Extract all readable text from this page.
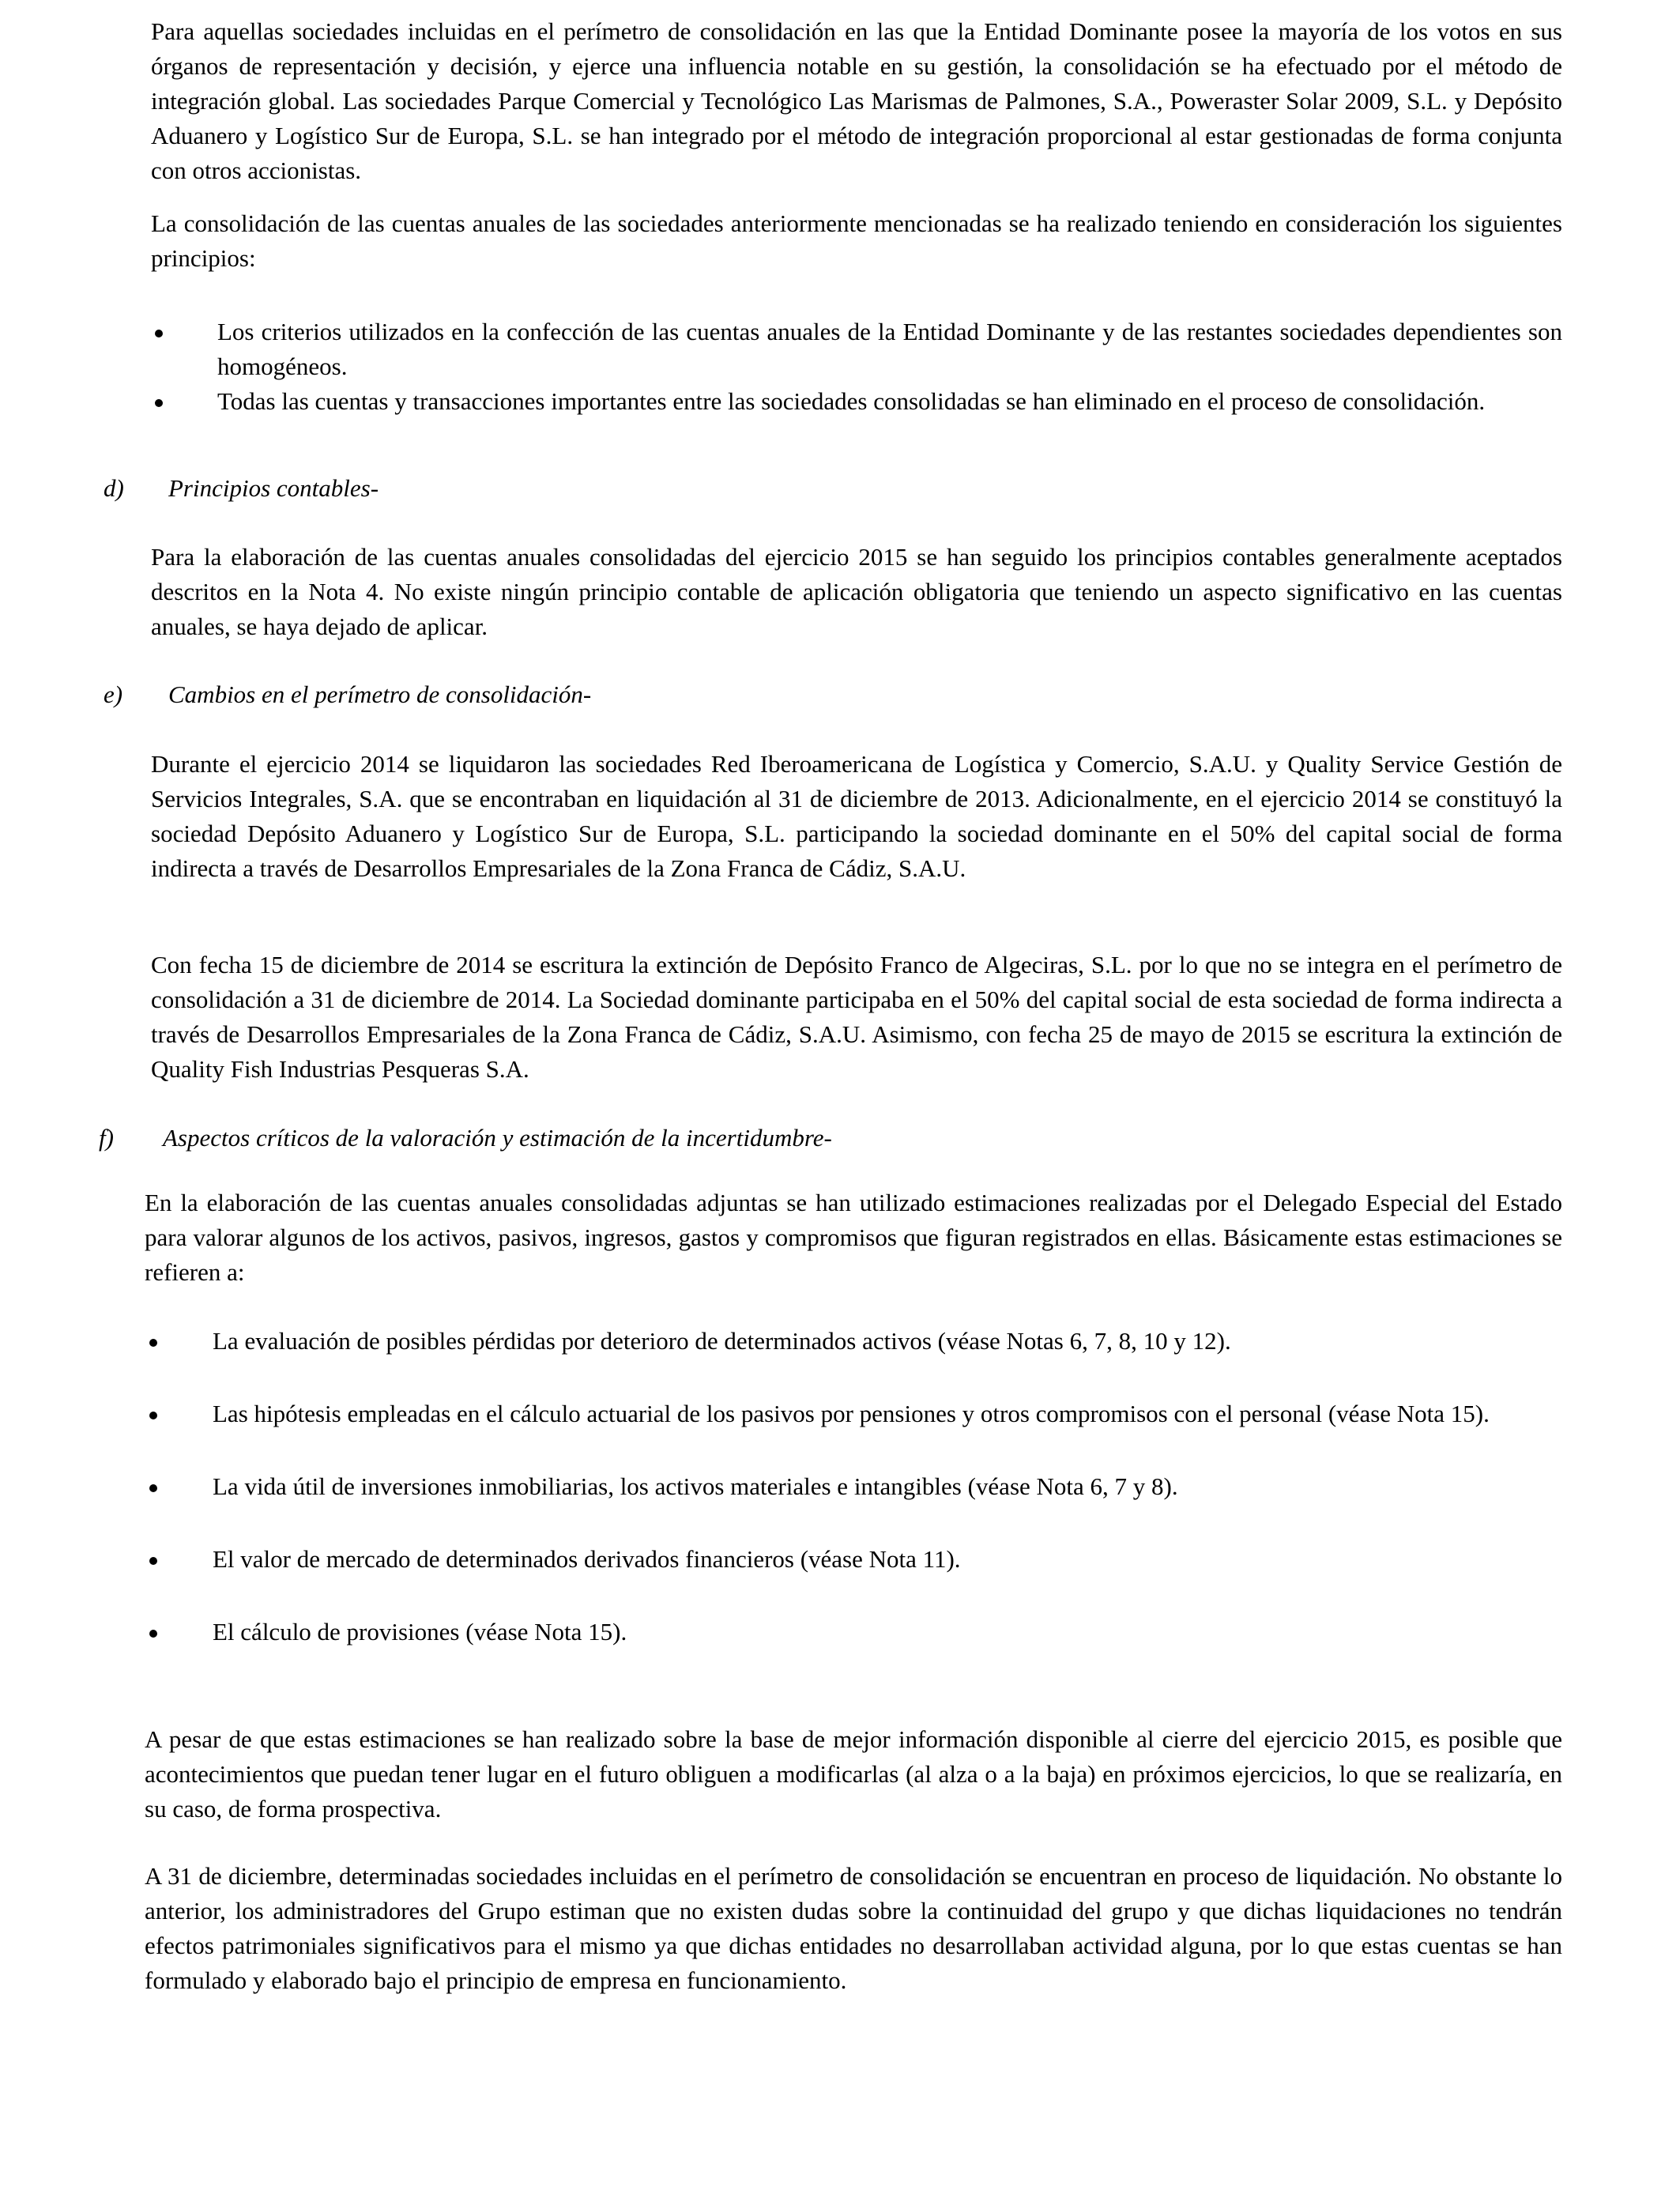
Para aquellas sociedades incluidas en el perímetro de consolidación en las que la Entidad Dominante posee la mayoría de los votos en sus órganos de representación y decisión, y ejerce una influencia notable en su gestión, la consolidación se ha efectuado por el método de integración global. Las sociedades Parque Comercial y Tecnológico Las Marismas de Palmones, S.A., Poweraster Solar 2009, S.L. y Depósito Aduanero y Logístico Sur de Europa, S.L. se han integrado por el método de integración proporcional al estar gestionadas de forma conjunta con otros accionistas.

La consolidación de las cuentas anuales de las sociedades anteriormente mencionadas se ha realizado teniendo en consideración los siguientes principios:

Los criterios utilizados en la confección de las cuentas anuales de la Entidad Dominante y de las restantes sociedades dependientes son homogéneos.
Todas las cuentas y transacciones importantes entre las sociedades consolidadas se han eliminado en el proceso de consolidación.
d) Principios contables-

Para la elaboración de las cuentas anuales consolidadas del ejercicio 2015 se han seguido los principios contables generalmente aceptados descritos en la Nota 4. No existe ningún principio contable de aplicación obligatoria que teniendo un aspecto significativo en las cuentas anuales, se haya dejado de aplicar.

e) Cambios en el perímetro de consolidación-

Durante el ejercicio 2014 se liquidaron las sociedades Red Iberoamericana de Logística y Comercio, S.A.U. y Quality Service Gestión de Servicios Integrales, S.A. que se encontraban en liquidación al 31 de diciembre de 2013. Adicionalmente, en el ejercicio 2014 se constituyó la sociedad Depósito Aduanero y Logístico Sur de Europa, S.L. participando la sociedad dominante en el 50% del capital social de forma indirecta a través de Desarrollos Empresariales de la Zona Franca de Cádiz, S.A.U.

Con fecha 15 de diciembre de 2014 se escritura la extinción de Depósito Franco de Algeciras, S.L. por lo que no se integra en el perímetro de consolidación a 31 de diciembre de 2014. La Sociedad dominante participaba en el 50% del capital social de esta sociedad de forma indirecta a través de Desarrollos Empresariales de la Zona Franca de Cádiz, S.A.U. Asimismo, con fecha 25 de mayo de 2015 se escritura la extinción de Quality Fish Industrias Pesqueras S.A.

f) Aspectos críticos de la valoración y estimación de la incertidumbre-

En la elaboración de las cuentas anuales consolidadas adjuntas se han utilizado estimaciones realizadas por el Delegado Especial del Estado para valorar algunos de los activos, pasivos, ingresos, gastos y compromisos que figuran registrados en ellas. Básicamente estas estimaciones se refieren a:

La evaluación de posibles pérdidas por deterioro de determinados activos (véase Notas 6, 7, 8, 10 y 12).
Las hipótesis empleadas en el cálculo actuarial de los pasivos por pensiones y otros compromisos con el personal (véase Nota 15).
La vida útil de inversiones inmobiliarias, los activos materiales e intangibles (véase Nota 6, 7 y 8).
El valor de mercado de determinados derivados financieros (véase Nota 11).
El cálculo de provisiones (véase Nota 15).

A pesar de que estas estimaciones se han realizado sobre la base de mejor información disponible al cierre del ejercicio 2015, es posible que acontecimientos que puedan tener lugar en el futuro obliguen a modificarlas (al alza o a la baja) en próximos ejercicios, lo que se realizaría, en su caso, de forma prospectiva.

A 31 de diciembre, determinadas sociedades incluidas en el perímetro de consolidación se encuentran en proceso de liquidación. No obstante lo anterior, los administradores del Grupo estiman que no existen dudas sobre la continuidad del grupo y que dichas liquidaciones no tendrán efectos patrimoniales significativos para el mismo ya que dichas entidades no desarrollaban actividad alguna, por lo que estas cuentas se han formulado y elaborado bajo el principio de empresa en funcionamiento.
